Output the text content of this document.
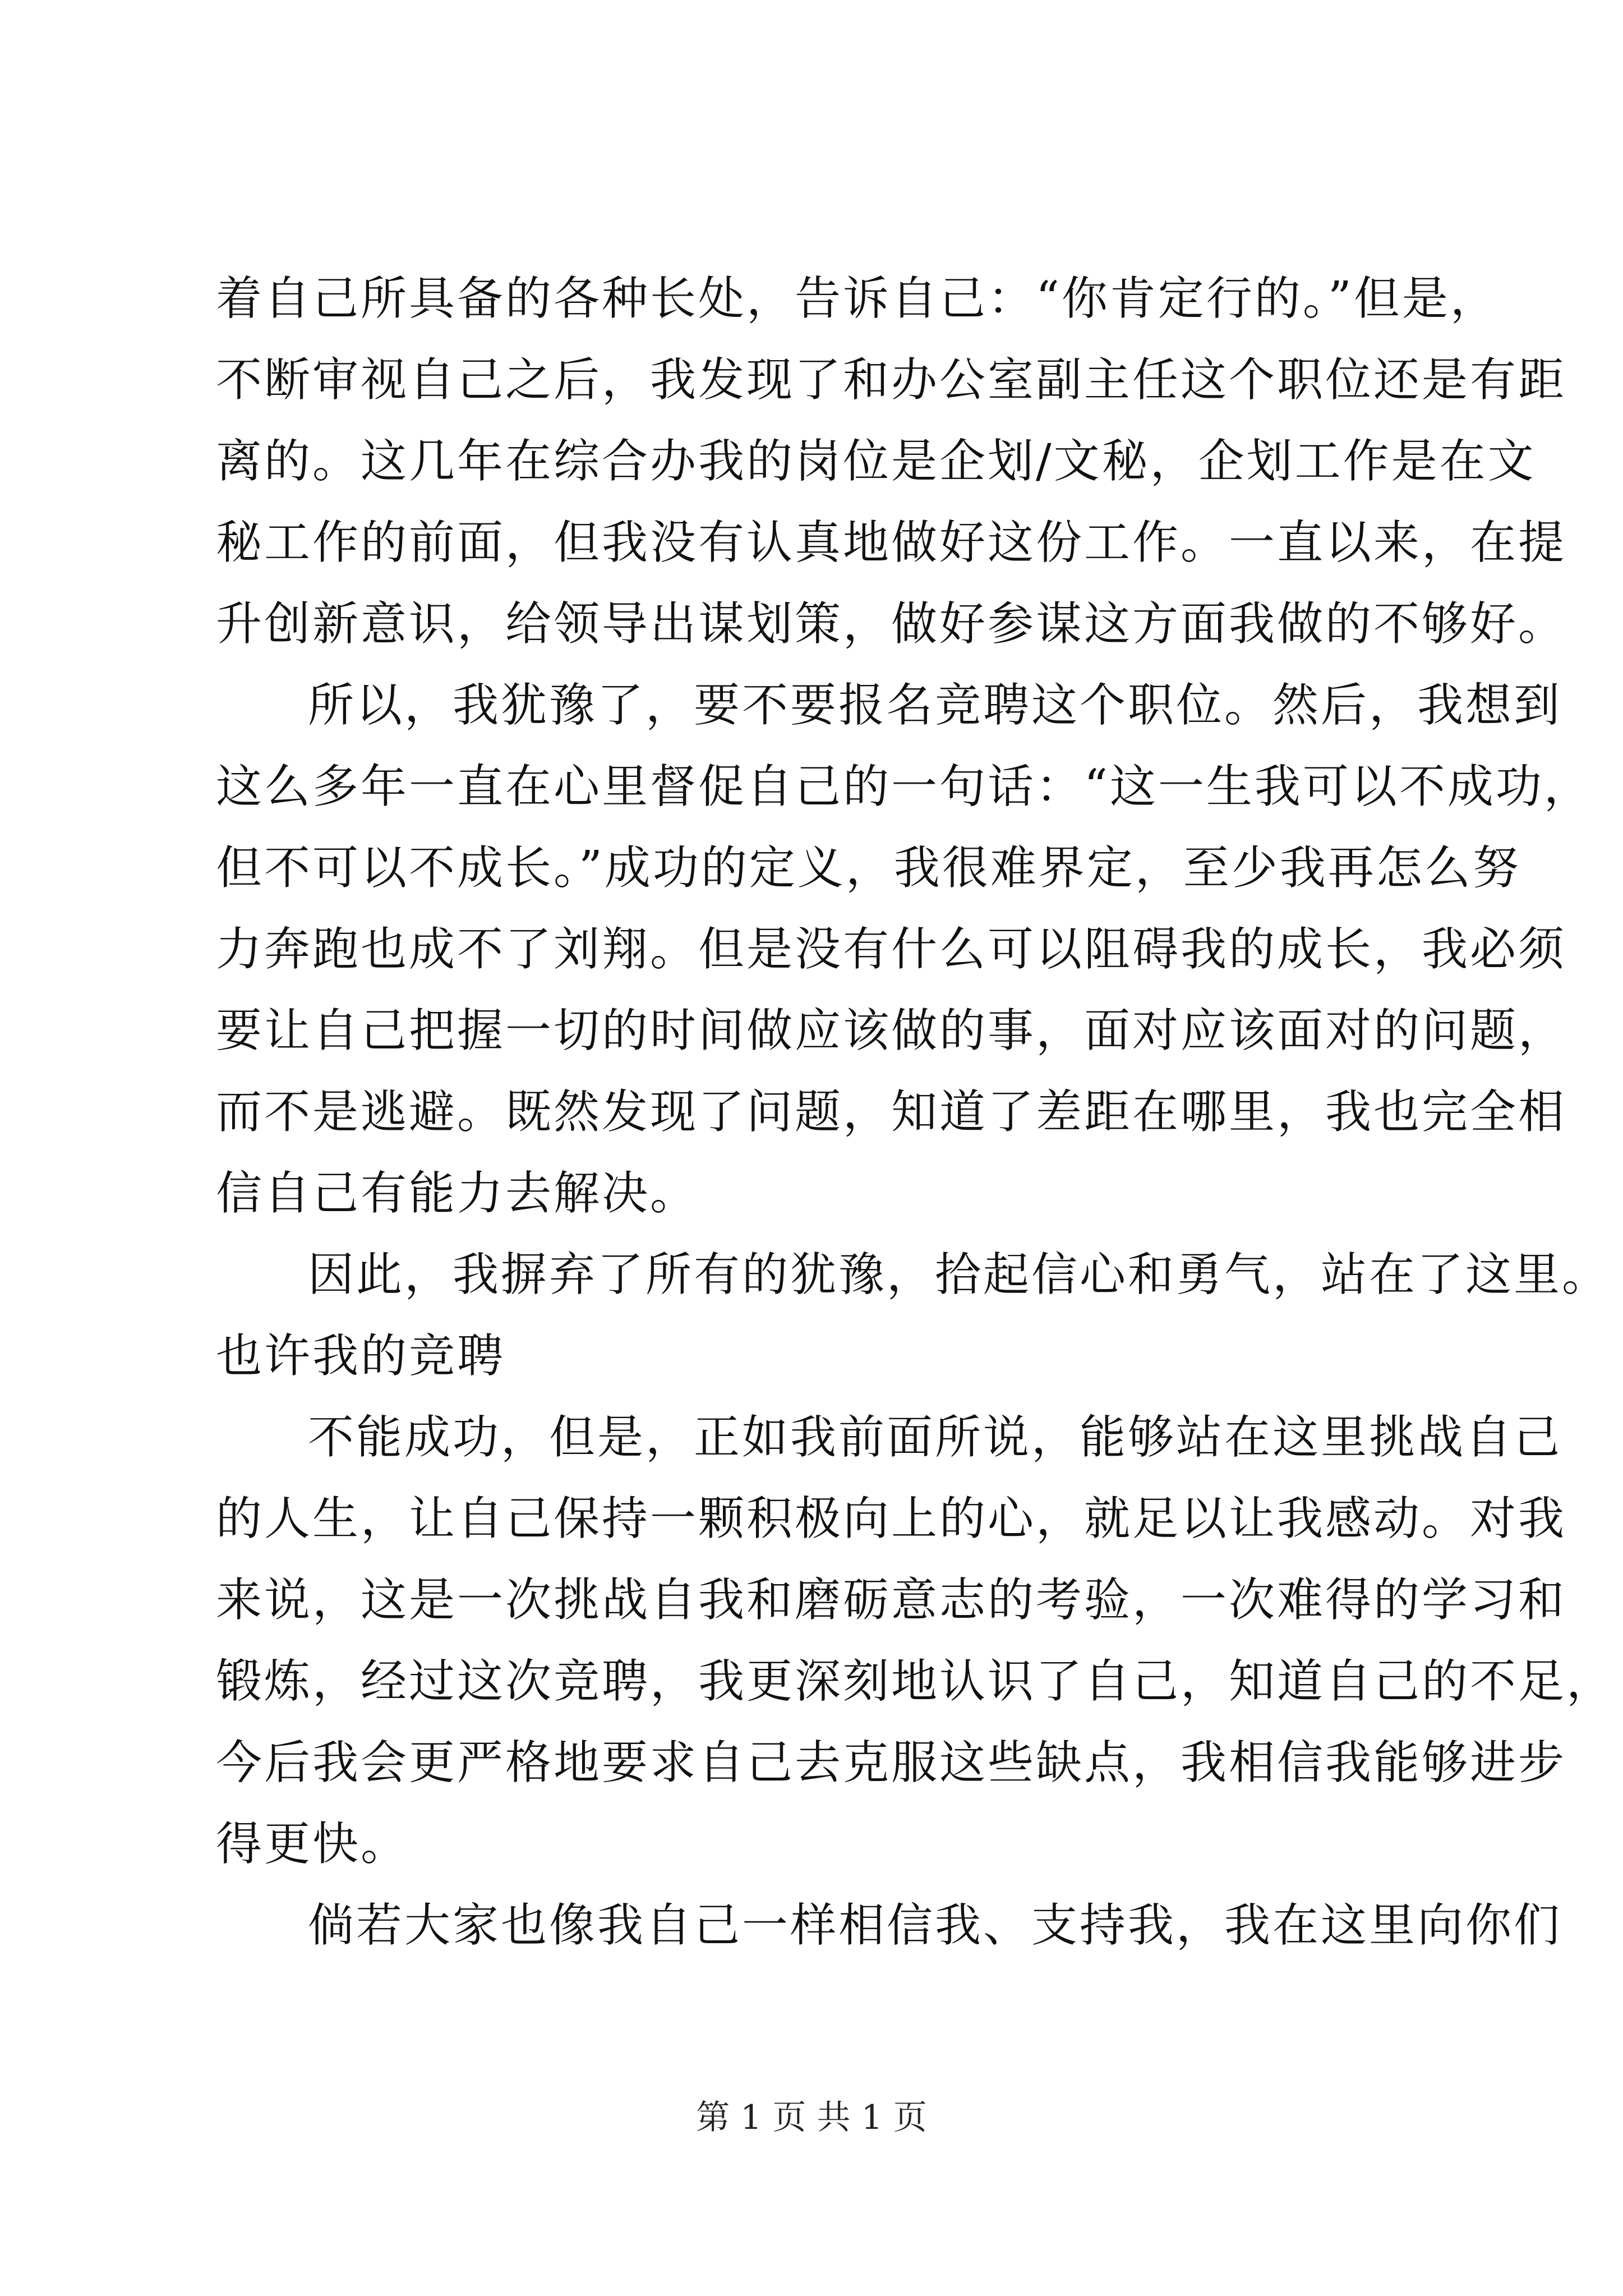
着自己所具备的各种长处，告诉自己：“你肯定行的。”但是，
不断审视自己之后，我发现了和办公室副主任这个职位还是有距
离的。这几年在综合办我的岗位是企划/文秘，企划工作是在文
秘工作的前面，但我没有认真地做好这份工作。一直以来，在提
升创新意识，给领导出谋划策，做好参谋这方面我做的不够好。
所以，我犹豫了，要不要报名竞聘这个职位。然后，我想到
这么多年一直在心里督促自己的一句话：“这一生我可以不成功，
但不可以不成长。”成功的定义，我很难界定，至少我再怎么努
力奔跑也成不了刘翔。但是没有什么可以阻碍我的成长，我必须
要让自己把握一切的时间做应该做的事，面对应该面对的问题，
而不是逃避。既然发现了问题，知道了差距在哪里，我也完全相
信自己有能力去解决。
因此，我摒弃了所有的犹豫，拾起信心和勇气，站在了这里。
也许我的竞聘
不能成功，但是，正如我前面所说，能够站在这里挑战自己
的人生，让自己保持一颗积极向上的心，就足以让我感动。对我
来说，这是一次挑战自我和磨砺意志的考验，一次难得的学习和
锻炼，经过这次竞聘，我更深刻地认识了自己，知道自己的不足，
今后我会更严格地要求自己去克服这些缺点，我相信我能够进步
得更快。
倘若大家也像我自己一样相信我、支持我，我在这里向你们
第 1 页 共 1 页
